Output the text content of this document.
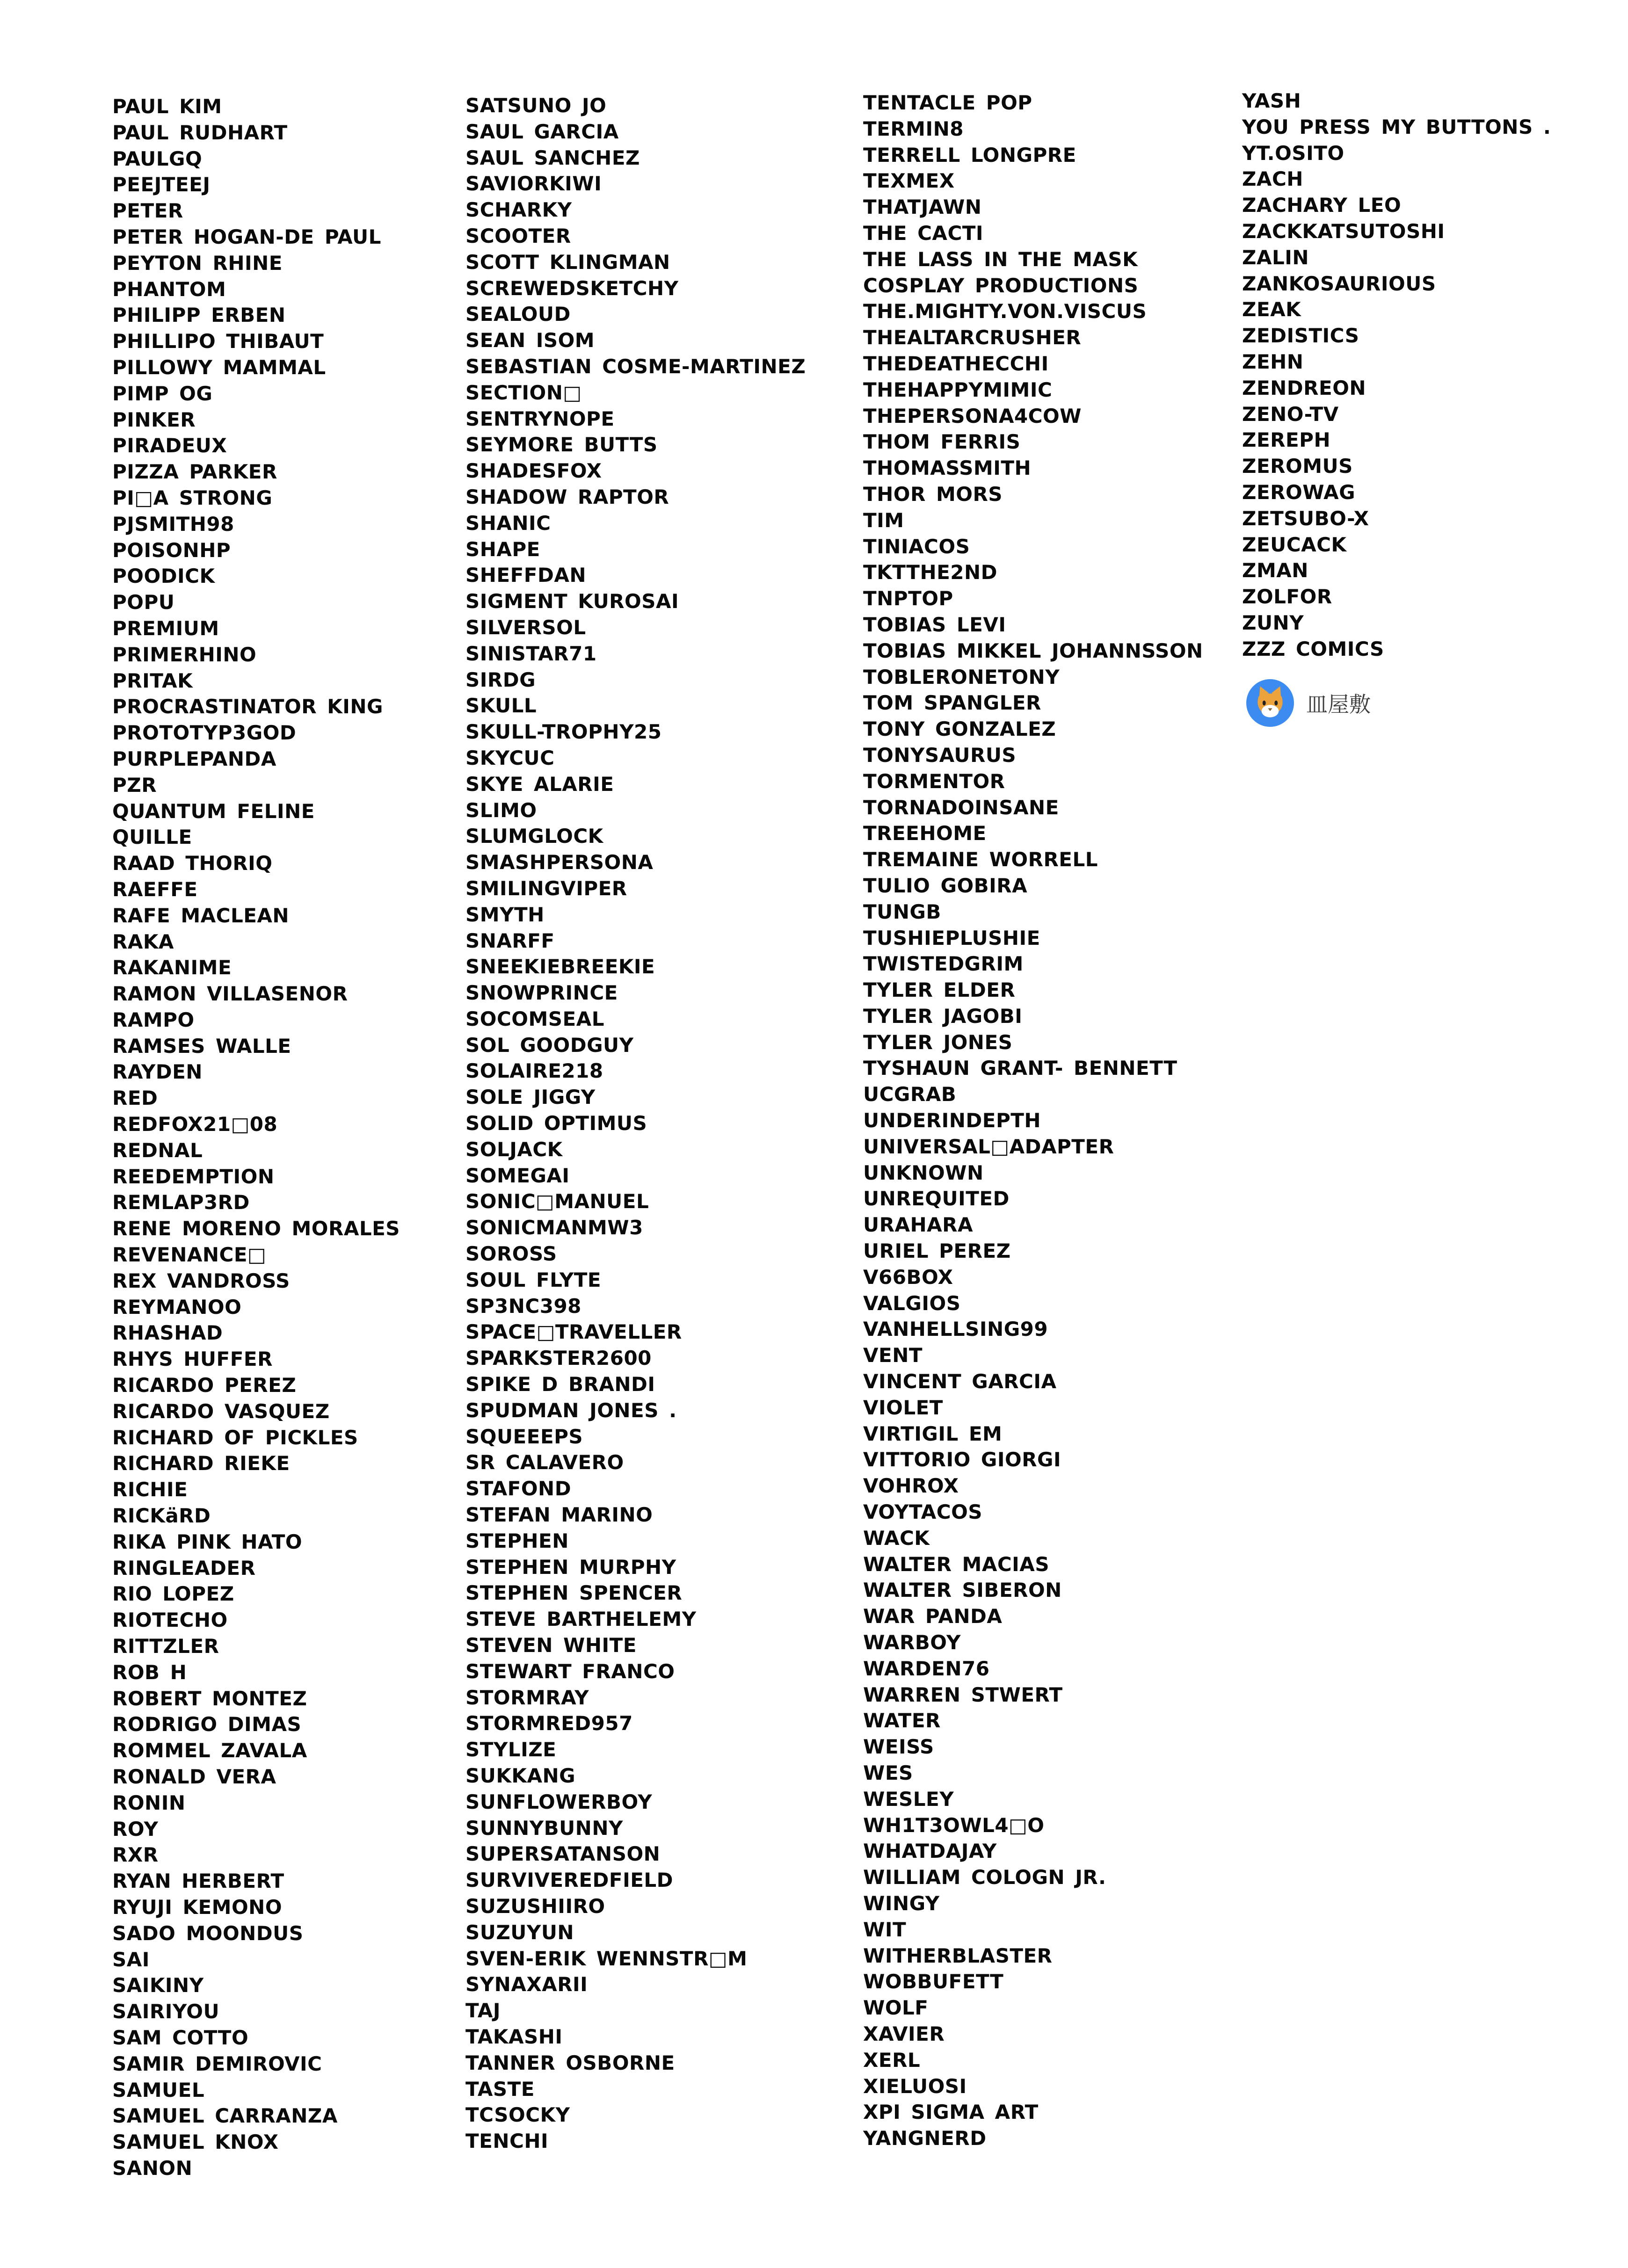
PAUL KIM
PAUL RUDHART
PAULGQ
PEEJTEEJ
PETER
PETER HOGAN-DE PAUL
PEYTON RHINE
PHANTOM
PHILIPP ERBEN
PHILLIPO THIBAUT
PILLOWY MAMMAL
PIMP OG
PINKER
PIRADEUX
PIZZA PARKER
PI□A STRONG
PJSMITH98
POISONHP
POODICK
POPU
PREMIUM
PRIMERHINO
PRITAK
PROCRASTINATOR KING
PROTOTYP3GOD
PURPLEPANDA
PZR
QUANTUM FELINE
QUILLE
RAAD THORIQ
RAEFFE
RAFE MACLEAN
RAKA
RAKANIME
RAMON VILLASENOR
RAMPO
RAMSES WALLE
RAYDEN
RED
REDFOX21□08
REDNAL
REEDEMPTION
REMLAP3RD
RENE MORENO MORALES
REVENANCE□
REX VANDROSS
REYMANOO
RHASHAD
RHYS HUFFER
RICARDO PEREZ
RICARDO VASQUEZ
RICHARD OF PICKLES
RICHARD RIEKE
RICHIE
RICKäRD
RIKA PINK HATO
RINGLEADER
RIO LOPEZ
RIOTECHO
RITTZLER
ROB H
ROBERT MONTEZ
RODRIGO DIMAS
ROMMEL ZAVALA
RONALD VERA
RONIN
ROY
RXR
RYAN HERBERT
RYUJI KEMONO
SADO MOONDUS
SAI
SAIKINY
SAIRIYOU
SAM COTTO
SAMIR DEMIROVIC
SAMUEL
SAMUEL CARRANZA
SAMUEL KNOX
SANON
SATSUNO JO
SAUL GARCIA
SAUL SANCHEZ
SAVIORKIWI
SCHARKY
SCOOTER
SCOTT KLINGMAN
SCREWEDSKETCHY
SEALOUD
SEAN ISOM
SEBASTIAN COSME-MARTINEZ
SECTION□
SENTRYNOPE
SEYMORE BUTTS
SHADESFOX
SHADOW RAPTOR
SHANIC
SHAPE
SHEFFDAN
SIGMENT KUROSAI
SILVERSOL
SINISTAR71
SIRDG
SKULL
SKULL-TROPHY25
SKYCUC
SKYE ALARIE
SLIMO
SLUMGLOCK
SMASHPERSONA
SMILINGVIPER
SMYTH
SNARFF
SNEEKIEBREEKIE
SNOWPRINCE
SOCOMSEAL
SOL GOODGUY
SOLAIRE218
SOLE JIGGY
SOLID OPTIMUS
SOLJACK
SOMEGAI
SONIC□MANUEL
SONICMANMW3
SOROSS
SOUL FLYTE
SP3NC398
SPACE□TRAVELLER
SPARKSTER2600
SPIKE D BRANDI
SPUDMAN JONES .
SQUEEEPS
SR CALAVERO
STAFOND
STEFAN MARINO
STEPHEN
STEPHEN MURPHY
STEPHEN SPENCER
STEVE BARTHELEMY
STEVEN WHITE
STEWART FRANCO
STORMRAY
STORMRED957
STYLIZE
SUKKANG
SUNFLOWERBOY
SUNNYBUNNY
SUPERSATANSON
SURVIVEREDFIELD
SUZUSHIIRO
SUZUYUN
SVEN-ERIK WENNSTR□M
SYNAXARII
TAJ
TAKASHI
TANNER OSBORNE
TASTE
TCSOCKY
TENCHI
TENTACLE POP
TERMIN8
TERRELL LONGPRE
TEXMEX
THATJAWN
THE CACTI
THE LASS IN THE MASK
COSPLAY PRODUCTIONS
THE.MIGHTY.VON.VISCUS
THEALTARCRUSHER
THEDEATHECCHI
THEHAPPYMIMIC
THEPERSONA4COW
THOM FERRIS
THOMASSMITH
THOR MORS
TIM
TINIACOS
TKTTHE2ND
TNPTOP
TOBIAS LEVI
TOBIAS MIKKEL JOHANNSSON
TOBLERONETONY
TOM SPANGLER
TONY GONZALEZ
TONYSAURUS
TORMENTOR
TORNADOINSANE
TREEHOME
TREMAINE WORRELL
TULIO GOBIRA
TUNGB
TUSHIEPLUSHIE
TWISTEDGRIM
TYLER ELDER
TYLER JAGOBI
TYLER JONES
TYSHAUN GRANT- BENNETT
UCGRAB
UNDERINDEPTH
UNIVERSAL□ADAPTER
UNKNOWN
UNREQUITED
URAHARA
URIEL PEREZ
V66BOX
VALGIOS
VANHELLSING99
VENT
VINCENT GARCIA
VIOLET
VIRTIGIL EM
VITTORIO GIORGI
VOHROX
VOYTACOS
WACK
WALTER MACIAS
WALTER SIBERON
WAR PANDA
WARBOY
WARDEN76
WARREN STWERT
WATER
WEISS
WES
WESLEY
WH1T3OWL4□O
WHATDAJAY
WILLIAM COLOGN JR.
WINGY
WIT
WITHERBLASTER
WOBBUFETT
WOLF
XAVIER
XERL
XIELUOSI
XPI SIGMA ART
YANGNERD
YASH
YOU PRESS MY BUTTONS .
YT.OSITO
ZACH
ZACHARY LEO
ZACKKATSUTOSHI
ZALIN
ZANKOSAURIOUS
ZEAK
ZEDISTICS
ZEHN
ZENDREON
ZENO-TV
ZEREPH
ZEROMUS
ZEROWAG
ZETSUBO-X
ZEUCACK
ZMAN
ZOLFOR
ZUNY
ZZZ COMICS
皿屋敷
